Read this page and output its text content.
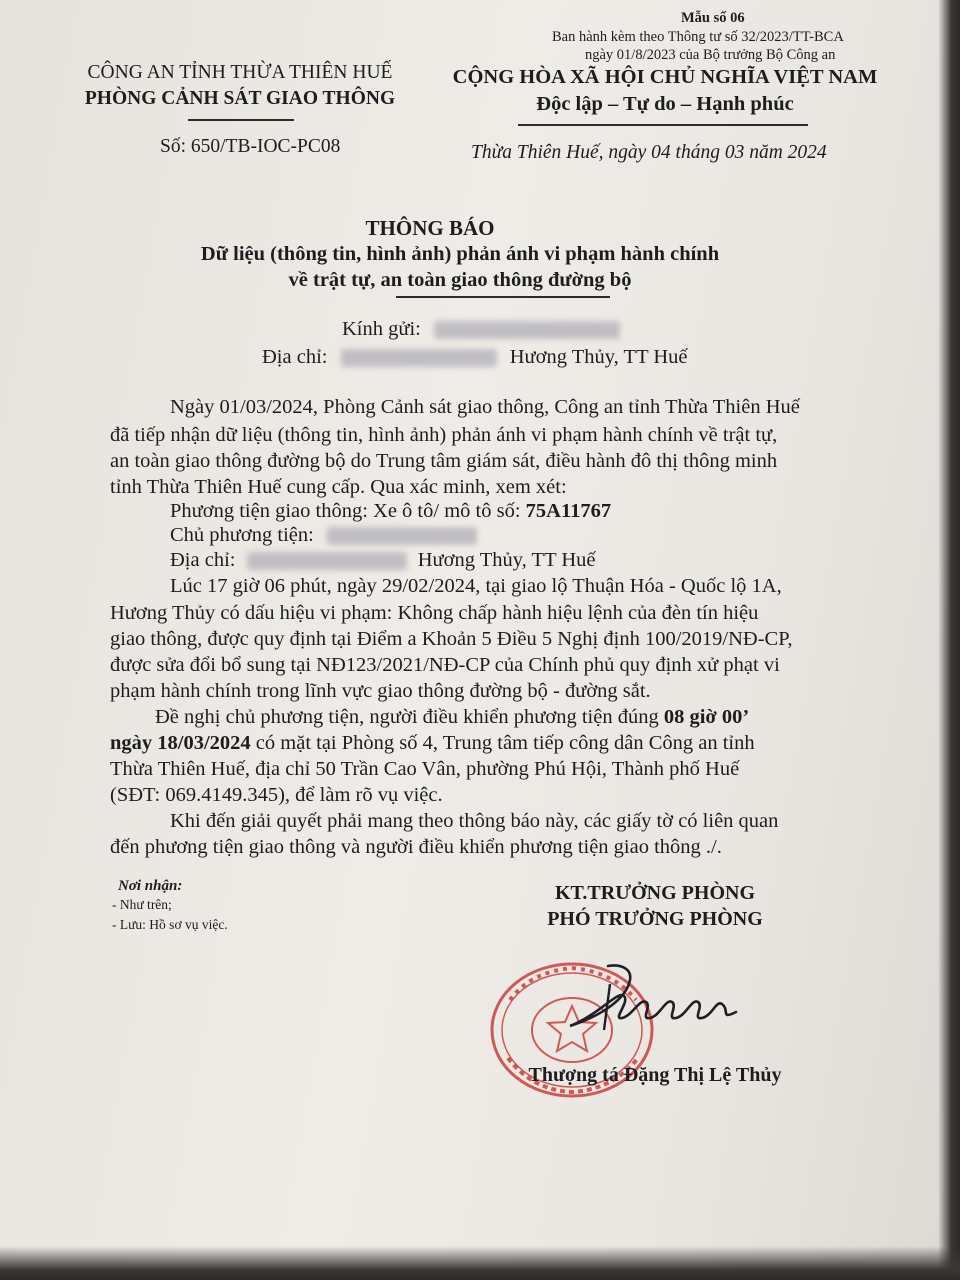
Mẫu số 06
Ban hành kèm theo Thông tư số 32/2023/TT-BCA
ngày 01/8/2023 của Bộ trưởng Bộ Công an
CÔNG AN TỈNH THỪA THIÊN HUẾ
PHÒNG CẢNH SÁT GIAO THÔNG
Số: 650/TB-IOC-PC08
CỘNG HÒA XÃ HỘI CHỦ NGHĨA VIỆT NAM
Độc lập – Tự do – Hạnh phúc
Thừa Thiên Huế, ngày 04 tháng 03 năm 2024
THÔNG BÁO
Dữ liệu (thông tin, hình ảnh) phản ánh vi phạm hành chính
về trật tự, an toàn giao thông đường bộ
Kính gửi:
Địa chỉ:	Hương Thủy, TT Huế
Ngày 01/03/2024, Phòng Cảnh sát giao thông, Công an tỉnh Thừa Thiên Huế
đã tiếp nhận dữ liệu (thông tin, hình ảnh) phản ánh vi phạm hành chính về trật tự,
an toàn giao thông đường bộ do Trung tâm giám sát, điều hành đô thị thông minh
tỉnh Thừa Thiên Huế cung cấp. Qua xác minh, xem xét:
Phương tiện giao thông: Xe ô tô/ mô tô số: 75A11767
Chủ phương tiện:
Địa chỉ:	Hương Thủy, TT Huế
Lúc 17 giờ 06 phút, ngày 29/02/2024, tại giao lộ Thuận Hóa - Quốc lộ 1A,
Hương Thủy có dấu hiệu vi phạm: Không chấp hành hiệu lệnh của đèn tín hiệu
giao thông, được quy định tại Điểm a Khoản 5 Điều 5 Nghị định 100/2019/NĐ-CP,
được sửa đổi bổ sung tại NĐ123/2021/NĐ-CP của Chính phủ quy định xử phạt vi
phạm hành chính trong lĩnh vực giao thông đường bộ - đường sắt.
Đề nghị chủ phương tiện, người điều khiển phương tiện đúng 08 giờ 00’
ngày 18/03/2024 có mặt tại Phòng số 4, Trung tâm tiếp công dân Công an tỉnh
Thừa Thiên Huế, địa chỉ 50 Trần Cao Vân, phường Phú Hội, Thành phố Huế
(SĐT: 069.4149.345), để làm rõ vụ việc.
Khi đến giải quyết phải mang theo thông báo này, các giấy tờ có liên quan
đến phương tiện giao thông và người điều khiển phương tiện giao thông ./.
Nơi nhận:
- Như trên;
- Lưu: Hồ sơ vụ việc.
KT.TRƯỞNG PHÒNG
PHÓ TRƯỞNG PHÒNG
Thượng tá Đặng Thị Lệ Thủy
